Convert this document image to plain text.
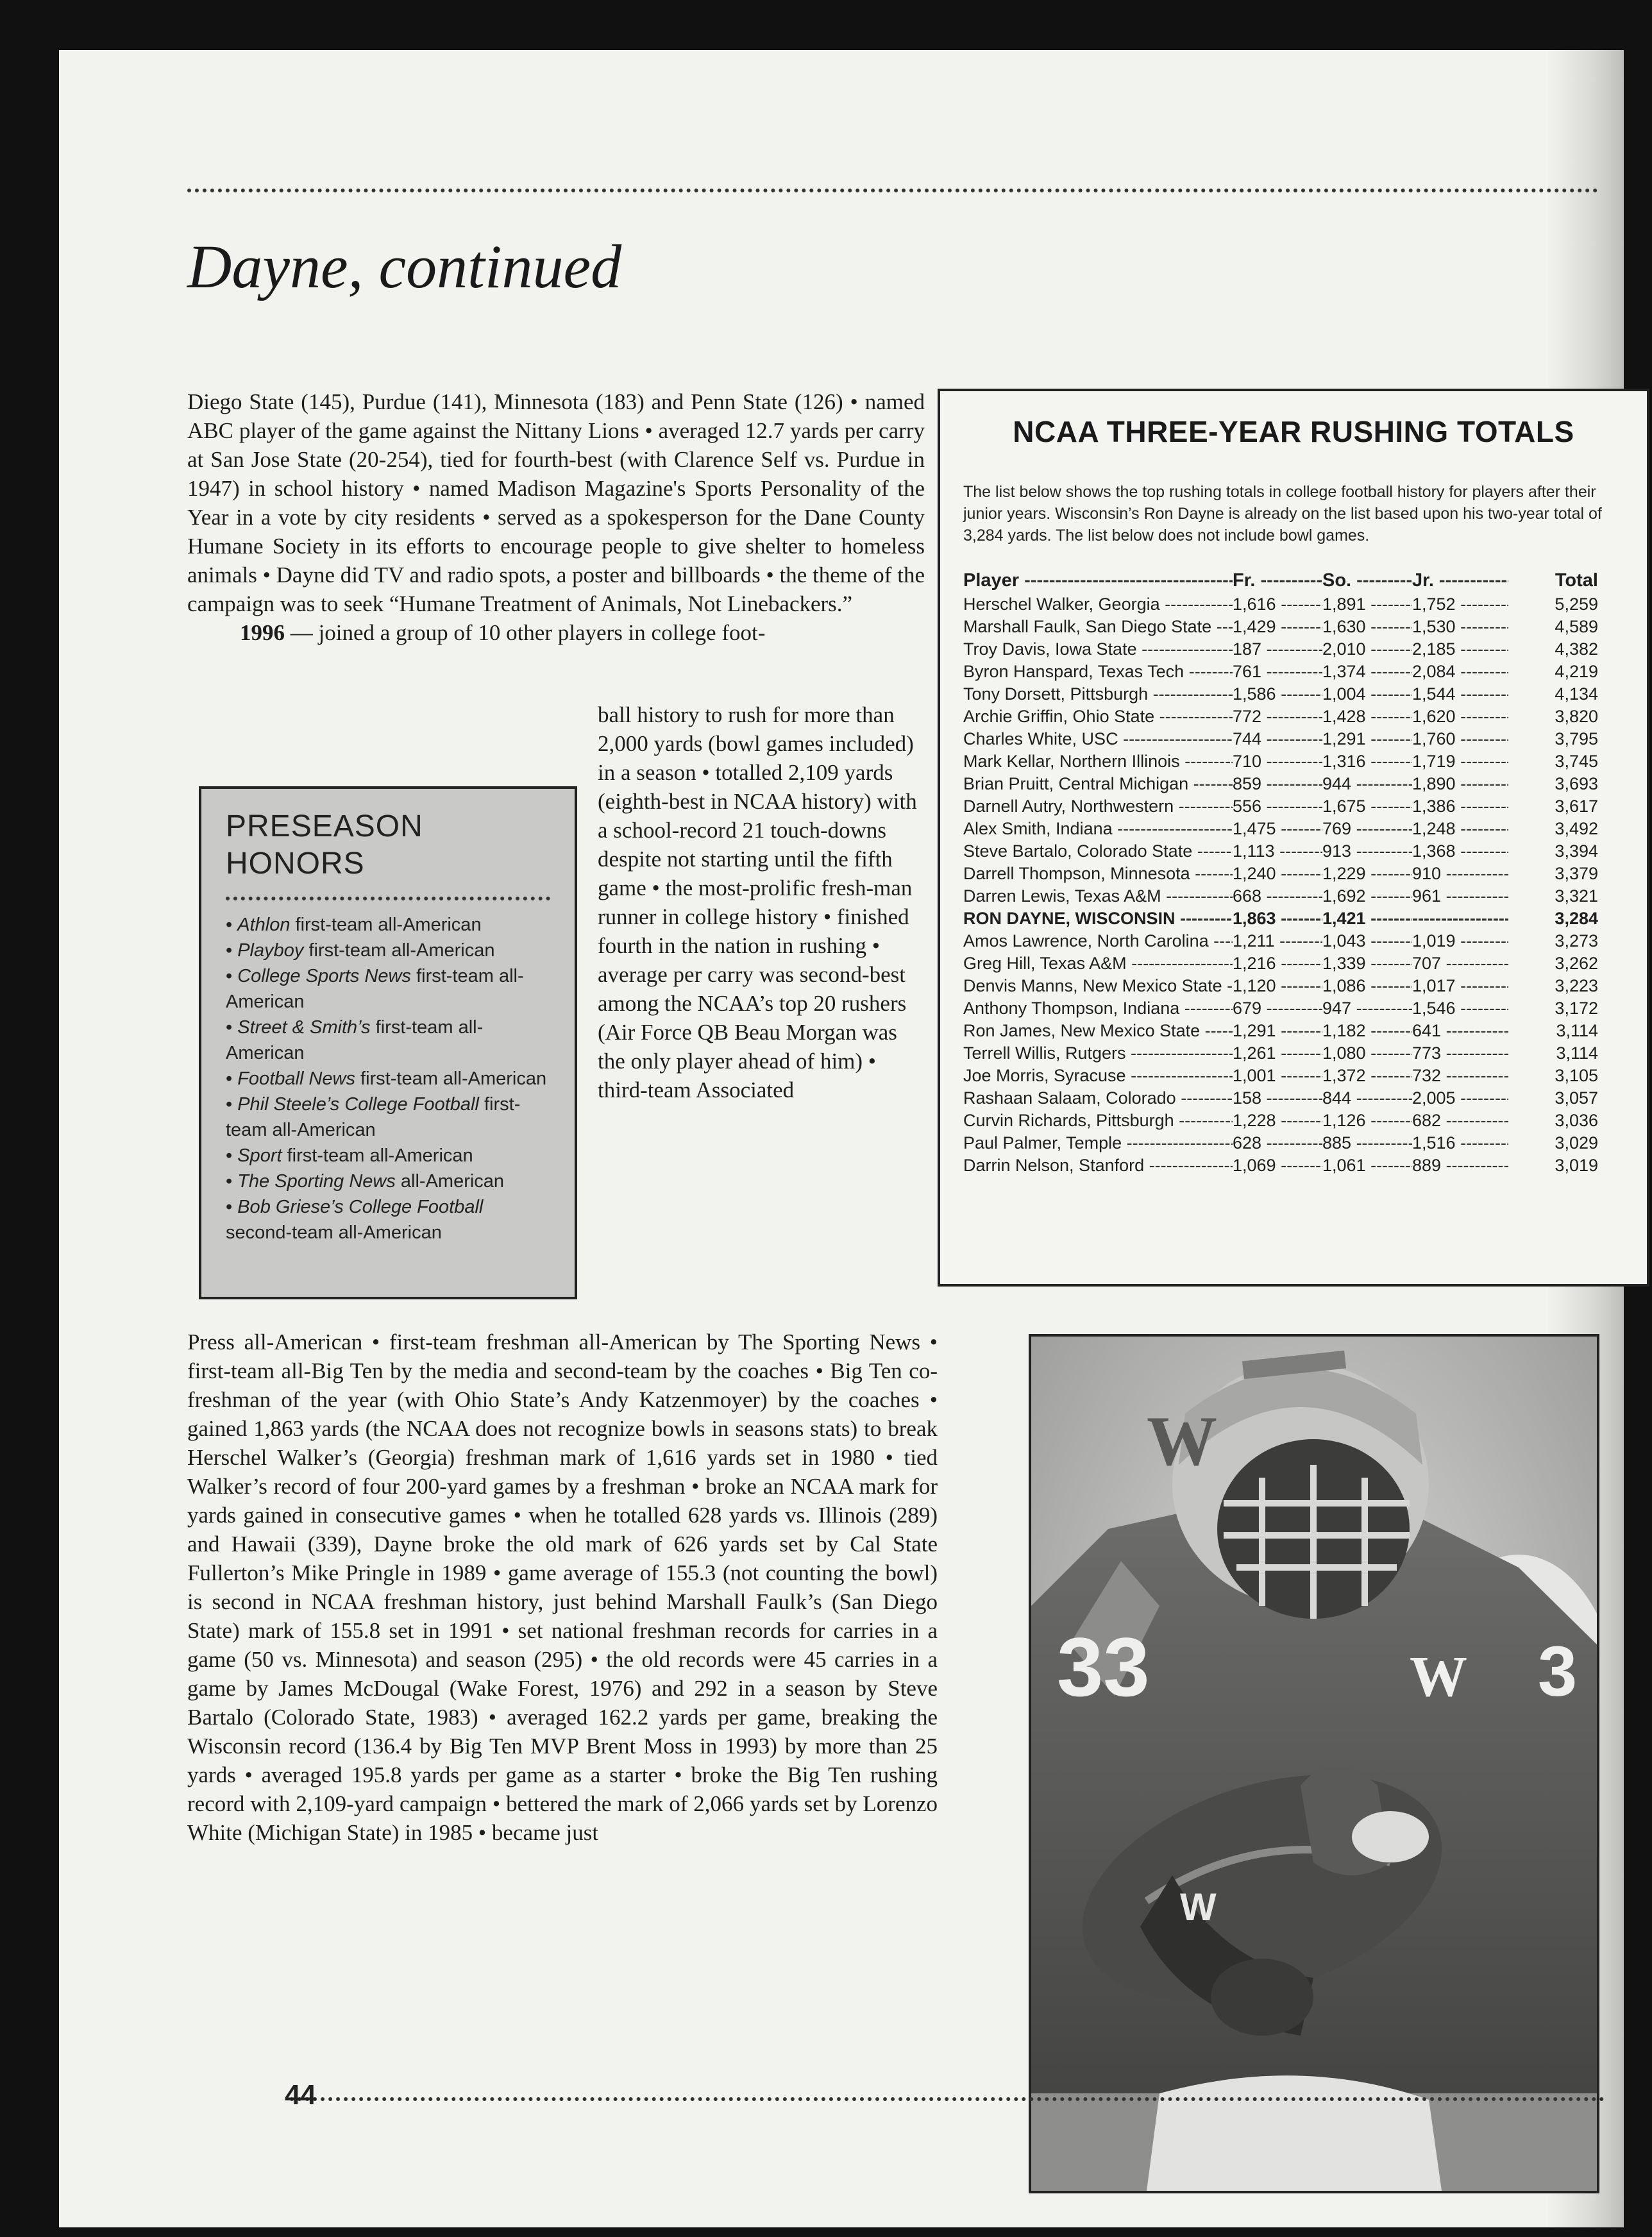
Dayne, continued

Diego State (145), Purdue (141), Minnesota (183) and Penn State (126) • named ABC player of the game against the Nittany Lions • averaged 12.7 yards per carry at San Jose State (20-254), tied for fourth-best (with Clarence Self vs. Purdue in 1947) in school history • named Madison Magazine's Sports Personality of the Year in a vote by city residents • served as a spokesperson for the Dane County Humane Society in its efforts to encourage people to give shelter to homeless animals • Dayne did TV and radio spots, a poster and billboards • the theme of the campaign was to seek “Humane Treatment of Animals, Not Linebackers.”

1996 — joined a group of 10 other players in college foot-

ball history to rush for more than 2,000 yards (bowl games included) in a season • totalled 2,109 yards (eighth-best in NCAA history) with a school-record 21 touch-downs despite not starting until the fifth game • the most-prolific fresh-man runner in college history • finished fourth in the nation in rushing • average per carry was second-best among the NCAA’s top 20 rushers (Air Force QB Beau Morgan was the only player ahead of him) • third-team Associated

PRESEASON HONORS
• Athlon first-team all-American
• Playboy first-team all-American
• College Sports News first-team all-American
• Street & Smith’s first-team all-American
• Football News first-team all-American
• Phil Steele’s College Football first-team all-American
• Sport first-team all-American
• The Sporting News all-American
• Bob Griese’s College Football second-team all-American

Press all-American • first-team freshman all-American by The Sporting News • first-team all-Big Ten by the media and second-team by the coaches • Big Ten co-freshman of the year (with Ohio State’s Andy Katzenmoyer) by the coaches • gained 1,863 yards (the NCAA does not recognize bowls in seasons stats) to break Herschel Walker’s (Georgia) freshman mark of 1,616 yards set in 1980 • tied Walker’s record of four 200-yard games by a freshman • broke an NCAA mark for yards gained in consecutive games • when he totalled 628 yards vs. Illinois (289) and Hawaii (339), Dayne broke the old mark of 626 yards set by Cal State Fullerton’s Mike Pringle in 1989 • game average of 155.3 (not counting the bowl) is second in NCAA freshman history, just behind Marshall Faulk’s (San Diego State) mark of 155.8 set in 1991 • set national freshman records for carries in a game (50 vs. Minnesota) and season (295) • the old records were 45 carries in a game by James McDougal (Wake Forest, 1976) and 292 in a season by Steve Bartalo (Colorado State, 1983) • averaged 162.2 yards per game, breaking the Wisconsin record (136.4 by Big Ten MVP Brent Moss in 1993) by more than 25 yards • averaged 195.8 yards per game as a starter • broke the Big Ten rushing record with 2,109-yard campaign • bettered the mark of 2,066 yards set by Lorenzo White (Michigan State) in 1985 • became just

NCAA THREE-YEAR RUSHING TOTALS

The list below shows the top rushing totals in college football history for players after their junior years. Wisconsin’s Ron Dayne is already on the list based upon his two-year total of 3,284 yards. The list below does not include bowl games.

Player -----	Fr. -----	So. -----	Jr. -----	Total
Herschel Walker, Georgia -----	1,616 -----	1,891 -----	1,752 -----	5,259
Marshall Faulk, San Diego State -----	1,429 -----	1,630 -----	1,530 -----	4,589
Troy Davis, Iowa State -----	187 -----	2,010 -----	2,185 -----	4,382
Byron Hanspard, Texas Tech -----	761 -----	1,374 -----	2,084 -----	4,219
Tony Dorsett, Pittsburgh -----	1,586 -----	1,004 -----	1,544 -----	4,134
Archie Griffin, Ohio State -----	772 -----	1,428 -----	1,620 -----	3,820
Charles White, USC -----	744 -----	1,291 -----	1,760 -----	3,795
Mark Kellar, Northern Illinois -----	710 -----	1,316 -----	1,719 -----	3,745
Brian Pruitt, Central Michigan -----	859 -----	944 -----	1,890 -----	3,693
Darnell Autry, Northwestern -----	556 -----	1,675 -----	1,386 -----	3,617
Alex Smith, Indiana -----	1,475 -----	769 -----	1,248 -----	3,492
Steve Bartalo, Colorado State -----	1,113 -----	913 -----	1,368 -----	3,394
Darrell Thompson, Minnesota -----	1,240 -----	1,229 -----	910 -----	3,379
Darren Lewis, Texas A&M -----	668 -----	1,692 -----	961 -----	3,321
RON DAYNE, WISCONSIN -----	1,863 -----	1,421 -----
-----	3,284
Amos Lawrence, North Carolina -----	1,211 -----	1,043 -----	1,019 -----	3,273
Greg Hill, Texas A&M -----	1,216 -----	1,339 -----	707 -----	3,262
Denvis Manns, New Mexico State ----- 1,120 -----	1,086 -----	1,017 -----	3,223
Anthony Thompson, Indiana -----	679 -----	947 -----	1,546 -----	3,172
Ron James, New Mexico State -----	1,291 -----	1,182 -----	641 -----	3,114
Terrell Willis, Rutgers -----	1,261 -----	1,080 -----	773 -----	3,114
Joe Morris, Syracuse -----	1,001 -----	1,372 -----	732 -----	3,105
Rashaan Salaam, Colorado -----	158 -----	844 -----	2,005 -----	3,057
Curvin Richards, Pittsburgh -----	1,228 -----	1,126 -----	682 -----	3,036
Paul Palmer, Temple -----	628 -----	885 -----	1,516 -----	3,029
Darrin Nelson, Stanford -----	1,069 -----	1,061 -----	889 -----	3,019
33	3
W
W
W
44
